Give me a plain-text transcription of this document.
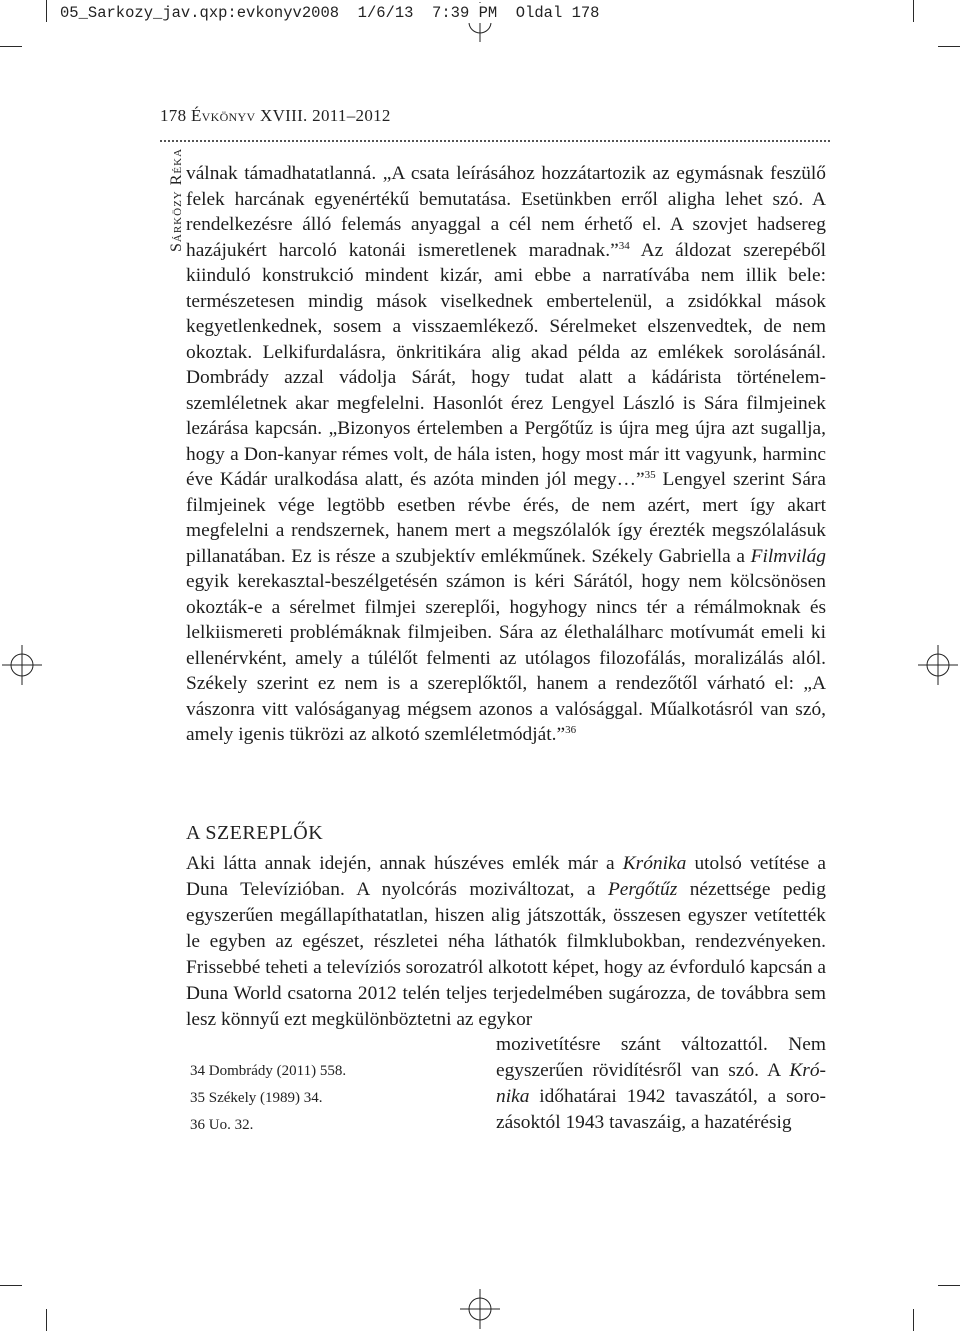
05_Sarkozy_jav.qxp:evkonyv2008  1/6/13  7:39 PM  Oldal 178
178 Évkönyv XVIII. 2011–2012
Sárközy Réka válnak támadhatatlanná. „A csata leírásához hozzátartozik az egymásnak feszülő felek harcának egyenértékű bemutatása. Esetünkben erről aligha lehet szó. A rendelkezésre álló felemás anyaggal a cél nem érhető el. A szovjet hadsereg hazájukért harcoló katonái ismeretlenek maradnak.”$^{34}$ Az áldozat szerepéből kiinduló konstrukció mindent kizár, ami ebbe a narratívába nem illik bele: természetesen mindig mások viselkednek embertelenül, a zsidókkal mások kegyetlenkednek, sosem a visszaemlékező. Sérelmeket elszenvedtek, de nem okoztak. Lelkifurdalásra, önkritikára alig akad példa az emlékek sorolásánál. Dombrády azzal vádolja Sárát, hogy tudat alatt a kádárista történelemszemléletnek akar megfelelni. Hasonlót érez Lengyel László is Sára filmjeinek lezárása kapcsán. „Bizonyos értelemben a Pergőtűz is újra meg újra azt sugallja, hogy a Don-kanyar rémes volt, de hála isten, hogy most már itt vagyunk, harminc éve Kádár uralkodása alatt, és azóta minden jól megy…”$^{35}$ Lengyel szerint Sára filmjeinek vége legtöbb esetben révbe érés, de nem azért, mert így akart megfelelni a rendszernek, hanem mert a megszólalók így érezték megszólalásuk pillanatában. Ez is része a szubjektív emlékműnek. Székely Gabriella a Filmvilág egyik kerekasztal-beszélgetésén számon is kéri Sárától, hogy nem kölcsönösen okozták-e a sérelmet filmjei szereplői, hogyhogy nincs tér a rémálmoknak és lelkiismereti problémáknak filmjeiben. Sára az élethalálharc motívumát emeli ki ellenérvként, amely a túlélőt felmenti az utólagos filozofálás, moralizálás alól. Székely szerint ez nem is a szereplőktől, hanem a rendezőtől várható el: „A vászonra vitt valóságanyag mégsem azonos a valósággal. Műalkotásról van szó, amely igenis tükrözi az alkotó szemléletmódját.”$^{36}$

A SZEREPLŐK

Aki látta annak idején, annak húszéves emlék már a Krónika utolsó vetítése a Duna Televízióban. A nyolcórás moziváltozat, a Pergőtűz nézettsége pedig egyszerűen megállapíthatatlan, hiszen alig játszották, összesen egyszer vetítették le egyben az egészet, részletei néha láthatók filmklubokban, rendezvényeken. Frissebbé teheti a televíziós sorozatról alkotott képet, hogy az évforduló kapcsán a Duna World csatorna 2012 telén teljes terjedelmében sugározza, de továbbra sem lesz könnyű ezt megkülönböztetni az egykor

mozivetítésre szánt változattól. Nem egyszerűen rövidítésről van szó. A Krónika időhatárai 1942 tavaszától, a sorozásoktól 1943 tavaszáig, a hazatérésig

34 Dombrády (2011) 558.

35 Székely (1989) 34.

36 Uo. 32.
